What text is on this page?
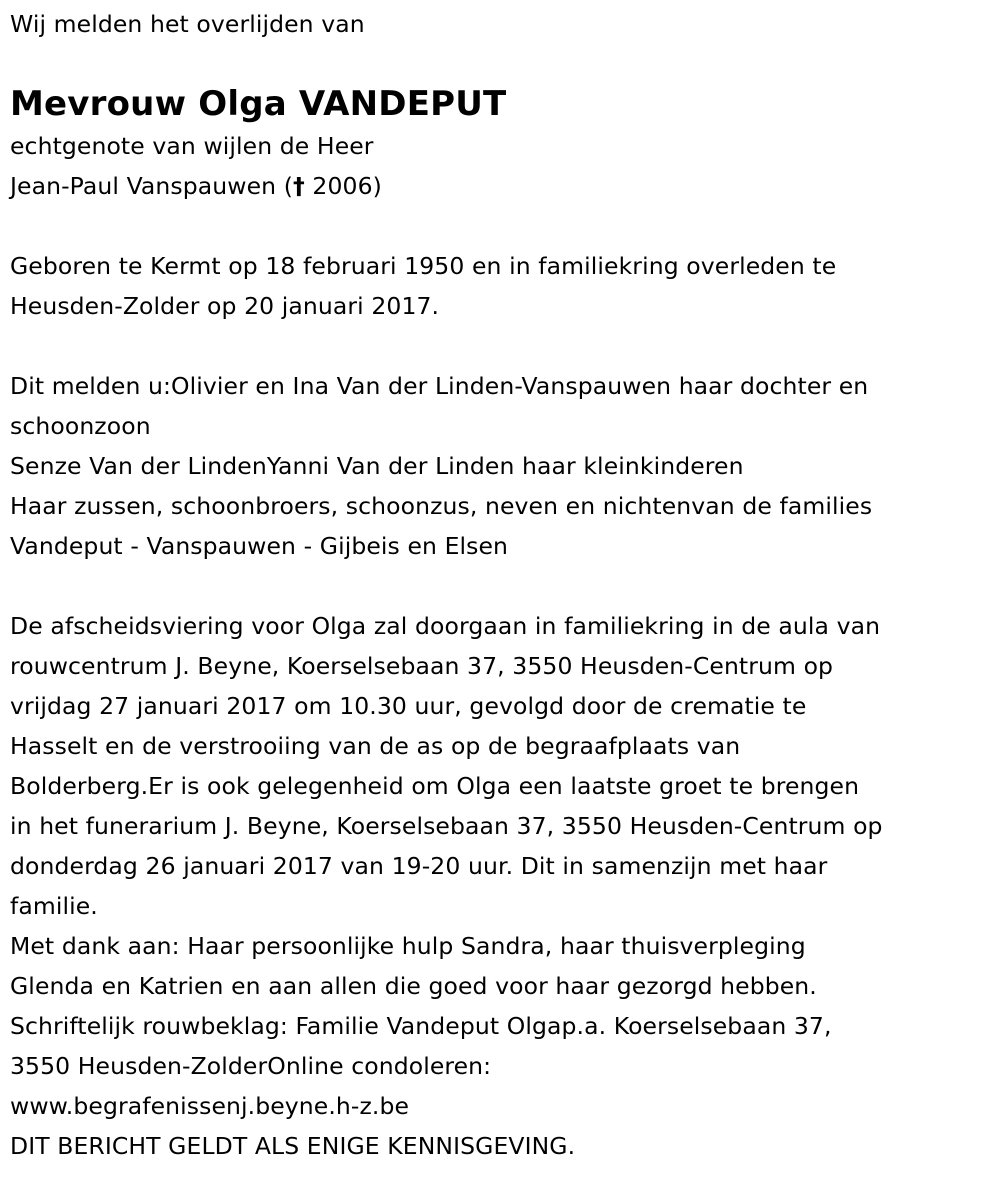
Wij melden het overlijden van
Mevrouw Olga VANDEPUT
echtgenote van wijlen de Heer
Jean-Paul Vanspauwen († 2006)
Geboren te Kermt op 18 februari 1950 en in familiekring overleden te
Heusden-Zolder op 20 januari 2017.
Dit melden u:Olivier en Ina Van der Linden-Vanspauwen haar dochter en
schoonzoon
Senze Van der LindenYanni Van der Linden haar kleinkinderen
Haar zussen, schoonbroers, schoonzus, neven en nichtenvan de families
Vandeput - Vanspauwen - Gijbeis en Elsen
De afscheidsviering voor Olga zal doorgaan in familiekring in de aula van
rouwcentrum J. Beyne, Koerselsebaan 37, 3550 Heusden-Centrum op
vrijdag 27 januari 2017 om 10.30 uur, gevolgd door de crematie te
Hasselt en de verstrooiing van de as op de begraafplaats van
Bolderberg.Er is ook gelegenheid om Olga een laatste groet te brengen
in het funerarium J. Beyne, Koerselsebaan 37, 3550 Heusden-Centrum op
donderdag 26 januari 2017 van 19-20 uur. Dit in samenzijn met haar
familie.
Met dank aan: Haar persoonlijke hulp Sandra, haar thuisverpleging
Glenda en Katrien en aan allen die goed voor haar gezorgd hebben.
Schriftelijk rouwbeklag: Familie Vandeput Olgap.a. Koerselsebaan 37,
3550 Heusden-ZolderOnline condoleren:
www.begrafenissenj.beyne.h-z.be
DIT BERICHT GELDT ALS ENIGE KENNISGEVING.
